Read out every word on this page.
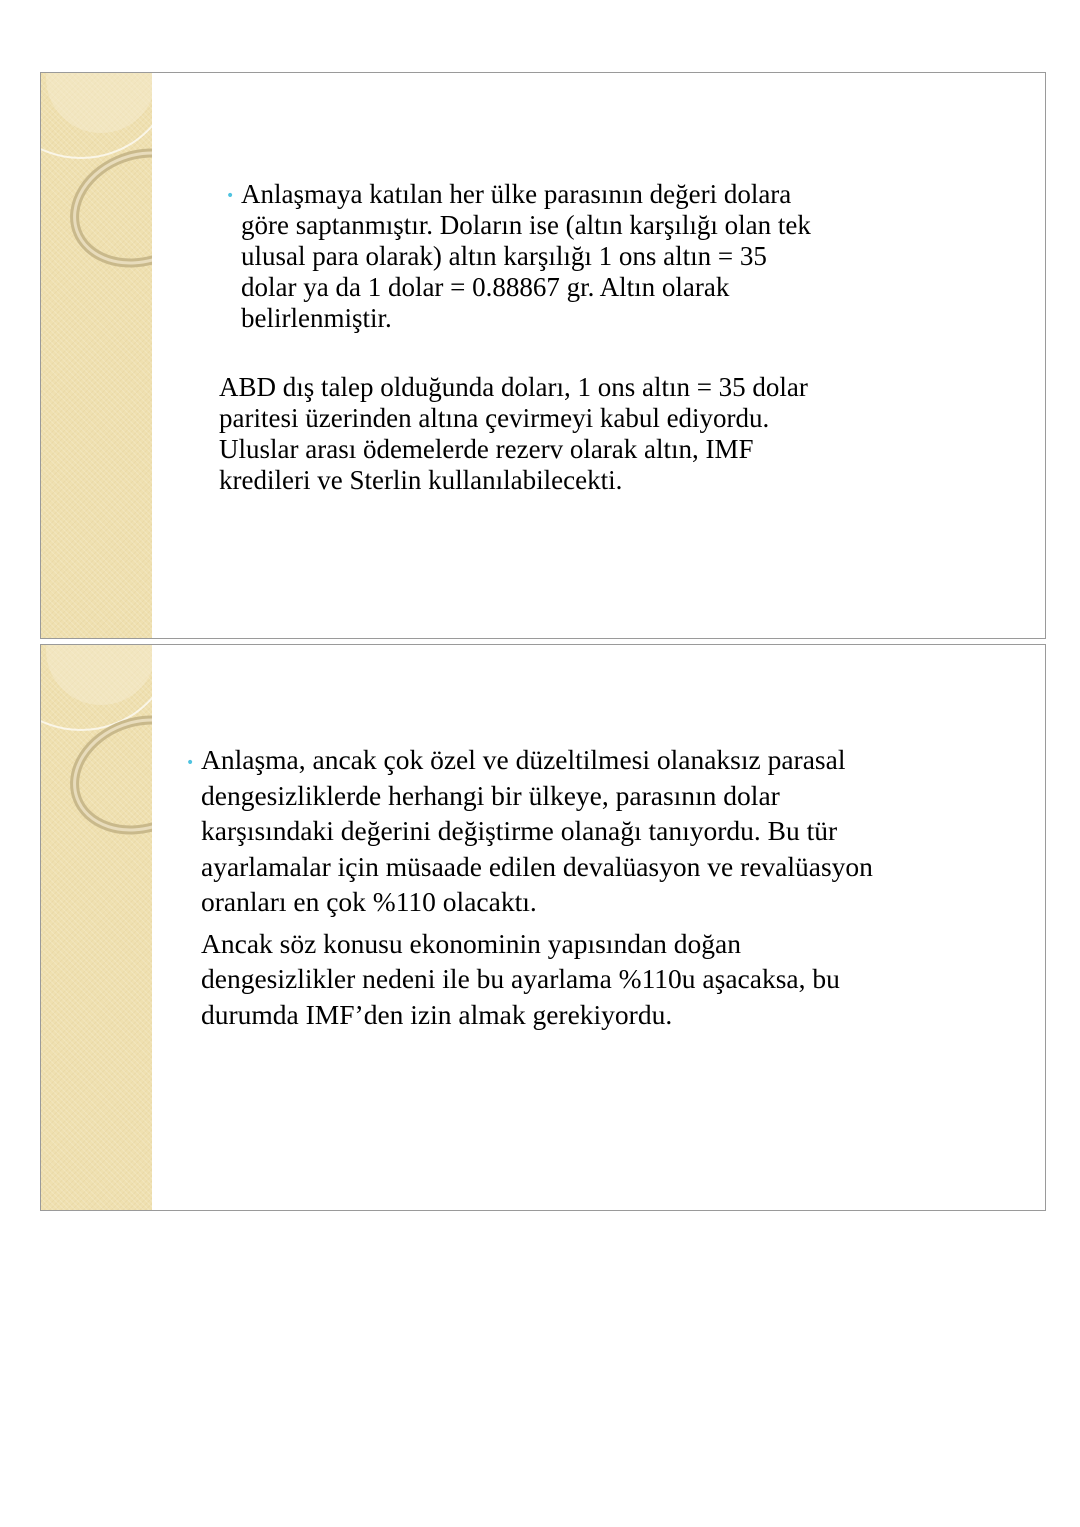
• Anlaşmaya katılan her ülke parasının değeri dolara
göre saptanmıştır. Doların ise (altın karşılığı olan tek
ulusal para olarak) altın karşılığı 1 ons altın = 35
dolar ya da 1 dolar = 0.88867 gr. Altın olarak
belirlenmiştir.
ABD dış talep olduğunda doları, 1 ons altın = 35 dolar
paritesi üzerinden altına çevirmeyi kabul ediyordu.
Uluslar arası ödemelerde rezerv olarak altın, IMF
kredileri ve Sterlin kullanılabilecekti.
• Anlaşma, ancak çok özel ve düzeltilmesi olanaksız parasal
dengesizliklerde herhangi bir ülkeye, parasının dolar
karşısındaki değerini değiştirme olanağı tanıyordu. Bu tür
ayarlamalar için müsaade edilen devalüasyon ve revalüasyon
oranları en çok %110 olacaktı.
Ancak söz konusu ekonominin yapısından doğan
dengesizlikler nedeni ile bu ayarlama %110u aşacaksa, bu
durumda IMF’den izin almak gerekiyordu.
